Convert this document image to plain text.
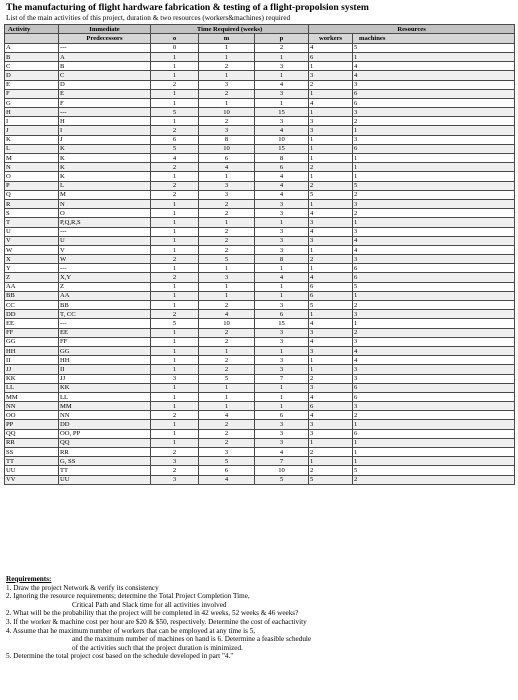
The manufacturing of flight hardware fabrication & testing of a flight-propolsion system
List of the main activities of this project, duration & two resources (workers&machines) required
Activity	Immediate	Time Required (weeks)			Resources	
	Predecessors	o	m	p	workers	machines
A	---	0	1	2	4	5
B	A	1	1	1	6	1
C	B	1	2	3	1	4
D	C	1	1	1	3	4
E	D	2	3	4	2	3
F	E	1	2	3	1	6
G	F	1	1	1	4	6
H	---	5	10	15	1	3
I	H	1	2	3	3	2
J	I	2	3	4	3	1
K	J	6	8	10	1	3
L	K	5	10	15	1	6
M	K	4	6	8	1	1
N	K	2	4	6	2	1
O	K	1	1	4	1	1
P	L	2	3	4	2	5
Q	M	2	3	4	5	2
R	N	1	2	3	1	3
S	O	1	2	3	4	2
T	P,Q,R,S	1	1	1	3	1
U	---	1	2	3	4	3
V	U	1	2	3	3	4
W	V	1	2	3	1	4
X	W	2	5	8	2	3
Y	---	1	1	1	1	6
Z	X,Y	2	3	4	4	6
AA	Z	1	1	1	6	5
BB	AA	1	1	1	6	1
CC	BB	1	2	3	5	2
DD	T, CC	2	4	6	1	3
EE	---	5	10	15	4	1
FF	EE	1	2	3	3	2
GG	FF	1	2	3	4	3
HH	GG	1	1	1	3	4
II	HH	1	2	3	1	4
JJ	II	1	2	3	1	3
KK	JJ	3	5	7	2	3
LL	KK	1	1	1	3	6
MM	LL	1	1	1	4	6
NN	MM	1	1	1	6	3
OO	NN	2	4	6	4	2
PP	DD	1	2	3	3	1
QQ	OO, PP	1	2	3	3	6
RR	QQ	1	2	3	1	1
SS	RR	2	3	4	2	1
TT	G, SS	3	5	7	1	1
UU	TT	2	6	10	2	5
VV	UU	3	4	5	5	2
Requirements:
1. Draw the project Network & verify its consistency
2. Ignoring the resource requirements; determine the Total Project Completion Time,
Critical Path and Slack time for all activities involved
2. What will be the probability that the project will be completed in 42 weeks, 52 weeks & 46 weeks?
3. If the worker & machine cost per hour are $20 & $50, respectively. Determine the cost of eachactivity
4. Assume that he maximum number of workers that can be employed at any time is 5,
and the maximum number of machines on hand is 6. Determine a feasible schedule
of the activities such that the project duration is minimized.
5. Determine the total project cost based on the schedule developed in part "4."
